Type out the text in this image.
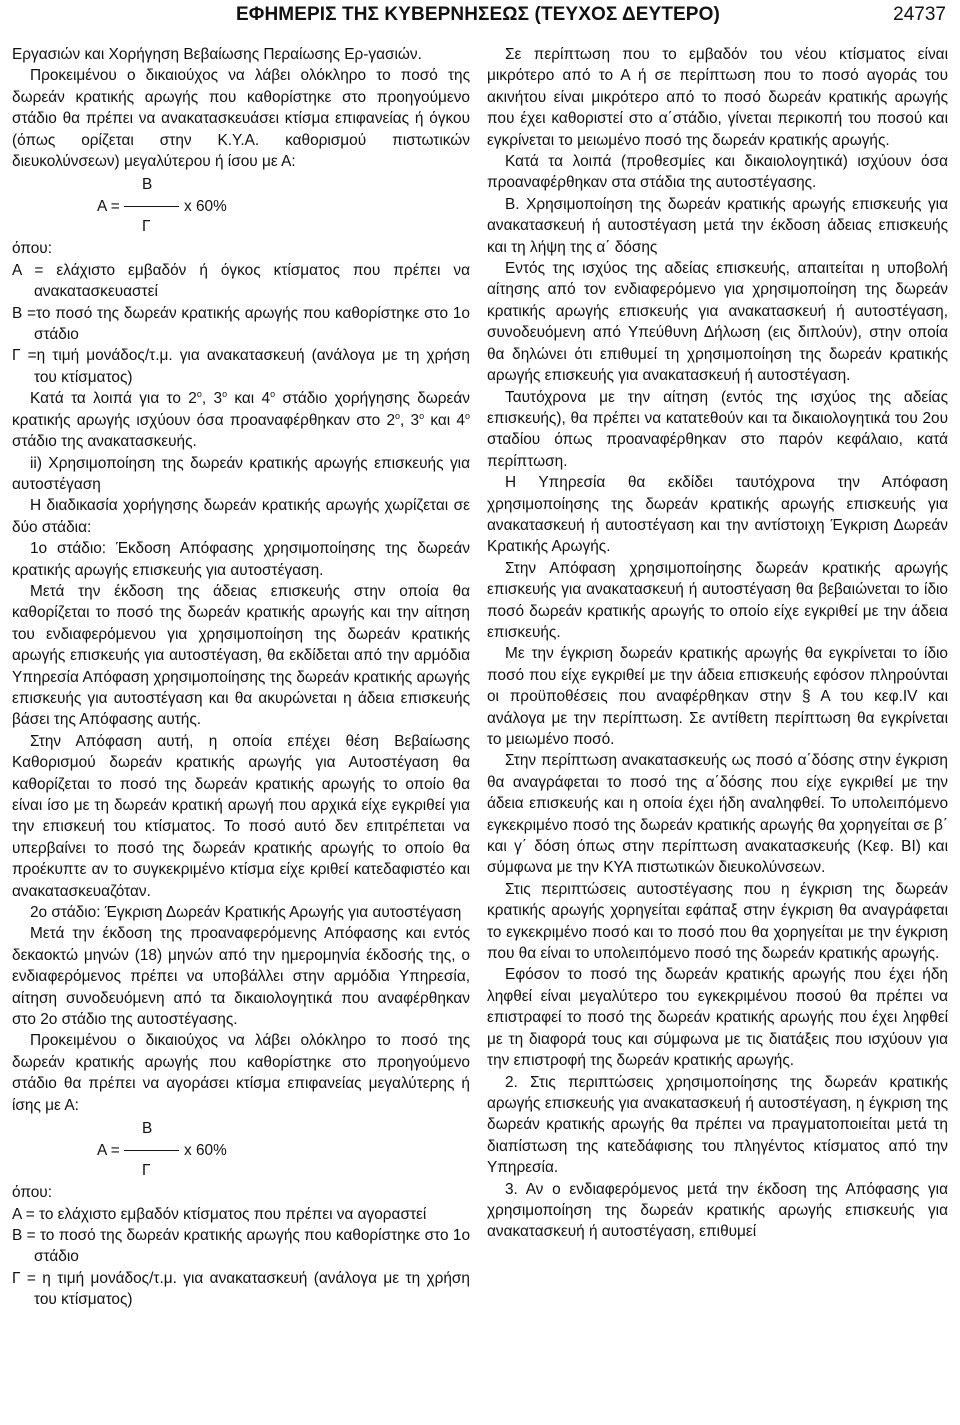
ΕΦΗΜΕΡΙΣ ΤΗΣ ΚΥΒΕΡΝΗΣΕΩΣ (ΤΕΥΧΟΣ ΔΕΥΤΕΡΟ)	24737

Εργασιών και Χορήγηση Βεβαίωσης Περαίωσης Ερ-γασιών.

Προκειμένου ο δικαιούχος να λάβει ολόκληρο το ποσό της δωρεάν κρατικής αρωγής που καθορίστηκε στο προηγούμενο στάδιο θα πρέπει να ανακατασκευάσει κτίσμα επιφανείας ή όγκου (όπως ορίζεται στην Κ.Υ.Α. καθορισμού πιστωτικών διευκολύνσεων) μεγαλύτερου ή ίσου με Α:

Β
Α =	x 60%
Γ

όπου:

Α = ελάχιστο εμβαδόν ή όγκος κτίσματος που πρέπει να ανακατασκευαστεί

Β =το ποσό της δωρεάν κρατικής αρωγής που καθορίστηκε στο 1ο στάδιο

Γ =η τιμή μονάδος/τ.μ. για ανακατασκευή (ανάλογα με τη χρήση του κτίσματος)

Κατά τα λοιπά για το $2^o$, $3^o$ και $4^o$ στάδιο χορήγησης δωρεάν κρατικής αρωγής ισχύουν όσα προαναφέρθηκαν στο $2^o$, $3^o$ και $4^o$ στάδιο της ανακατασκευής.

ii) Χρησιμοποίηση της δωρεάν κρατικής αρωγής επισκευής για αυτοστέγαση

Η διαδικασία χορήγησης δωρεάν κρατικής αρωγής χωρίζεται σε δύο στάδια:

1ο στάδιο: Έκδοση Απόφασης χρησιμοποίησης της δωρεάν κρατικής αρωγής επισκευής για αυτοστέγαση.

Μετά την έκδοση της άδειας επισκευής στην οποία θα καθορίζεται το ποσό της δωρεάν κρατικής αρωγής και την αίτηση του ενδιαφερόμενου για χρησιμοποίηση της δωρεάν κρατικής αρωγής επισκευής για αυτοστέγαση, θα εκδίδεται από την αρμόδια Υπηρεσία Απόφαση χρησιμοποίησης της δωρεάν κρατικής αρωγής επισκευής για αυτοστέγαση και θα ακυρώνεται η άδεια επισκευής βάσει της Απόφασης αυτής.

Στην Απόφαση αυτή, η οποία επέχει θέση Βεβαίωσης Καθορισμού δωρεάν κρατικής αρωγής για Αυτοστέγαση θα καθορίζεται το ποσό της δωρεάν κρατικής αρωγής το οποίο θα είναι ίσο με τη δωρεάν κρατική αρωγή που αρχικά είχε εγκριθεί για την επισκευή του κτίσματος. Το ποσό αυτό δεν επιτρέπεται να υπερβαίνει το ποσό της δωρεάν κρατικής αρωγής το οποίο θα προέκυπτε αν το συγκεκριμένο κτίσμα είχε κριθεί κατεδαφιστέο και ανακατασκευαζόταν.

2ο στάδιο: Έγκριση Δωρεάν Κρατικής Αρωγής για αυτοστέγαση

Μετά την έκδοση της προαναφερόμενης Απόφασης και εντός δεκαοκτώ μηνών (18) μηνών από την ημερομηνία έκδοσής της, ο ενδιαφερόμενος πρέπει να υποβάλλει στην αρμόδια Υπηρεσία, αίτηση συνοδευόμενη από τα δικαιολογητικά που αναφέρθηκαν στο 2ο στάδιο της αυτοστέγασης.

Προκειμένου ο δικαιούχος να λάβει ολόκληρο το ποσό της δωρεάν κρατικής αρωγής που καθορίστηκε στο προηγούμενο στάδιο θα πρέπει να αγοράσει κτίσμα επιφανείας μεγαλύτερης ή ίσης με Α:

Β
Α =	x 60%
Γ

όπου:

Α = το ελάχιστο εμβαδόν κτίσματος που πρέπει να αγοραστεί

Β = το ποσό της δωρεάν κρατικής αρωγής που καθορίστηκε στο 1ο στάδιο

Γ = η τιμή μονάδος/τ.μ. για ανακατασκευή (ανάλογα με τη χρήση του κτίσματος)

Σε περίπτωση που το εμβαδόν του νέου κτίσματος είναι μικρότερο από το Α ή σε περίπτωση που το ποσό αγοράς του ακινήτου είναι μικρότερο από το ποσό δωρεάν κρατικής αρωγής που έχει καθοριστεί στο α΄στάδιο, γίνεται περικοπή του ποσού και εγκρίνεται το μειωμένο ποσό της δωρεάν κρατικής αρωγής.

Κατά τα λοιπά (προθεσμίες και δικαιολογητικά) ισχύουν όσα προαναφέρθηκαν στα στάδια της αυτοστέγασης.

Β. Χρησιμοποίηση της δωρεάν κρατικής αρωγής επισκευής για ανακατασκευή ή αυτοστέγαση μετά την έκδοση άδειας επισκευής και τη λήψη της α΄ δόσης

Εντός της ισχύος της αδείας επισκευής, απαιτείται η υποβολή αίτησης από τον ενδιαφερόμενο για χρησιμοποίηση της δωρεάν κρατικής αρωγής επισκευής για ανακατασκευή ή αυτοστέγαση, συνοδευόμενη από Υπεύθυνη Δήλωση (εις διπλούν), στην οποία θα δηλώνει ότι επιθυμεί τη χρησιμοποίηση της δωρεάν κρατικής αρωγής επισκευής για ανακατασκευή ή αυτοστέγαση.

Ταυτόχρονα με την αίτηση (εντός της ισχύος της αδείας επισκευής), θα πρέπει να κατατεθούν και τα δικαιολογητικά του 2ου σταδίου όπως προαναφέρθηκαν στο παρόν κεφάλαιο, κατά περίπτωση.

Η Υπηρεσία θα εκδίδει ταυτόχρονα την Απόφαση χρησιμοποίησης της δωρεάν κρατικής αρωγής επισκευής για ανακατασκευή ή αυτοστέγαση και την αντίστοιχη Έγκριση Δωρεάν Κρατικής Αρωγής.

Στην Απόφαση χρησιμοποίησης δωρεάν κρατικής αρωγής επισκευής για ανακατασκευή ή αυτοστέγαση θα βεβαιώνεται το ίδιο ποσό δωρεάν κρατικής αρωγής το οποίο είχε εγκριθεί με την άδεια επισκευής.

Με την έγκριση δωρεάν κρατικής αρωγής θα εγκρίνεται το ίδιο ποσό που είχε εγκριθεί με την άδεια επισκευής εφόσον πληρούνται οι προϋποθέσεις που αναφέρθηκαν στην § Α του κεφ.IV και ανάλογα με την περίπτωση. Σε αντίθετη περίπτωση θα εγκρίνεται το μειωμένο ποσό.

Στην περίπτωση ανακατασκευής ως ποσό α΄δόσης στην έγκριση θα αναγράφεται το ποσό της α΄δόσης που είχε εγκριθεί με την άδεια επισκευής και η οποία έχει ήδη αναληφθεί. Το υπολειπόμενο εγκεκριμένο ποσό της δωρεάν κρατικής αρωγής θα χορηγείται σε β΄ και γ΄ δόση όπως στην περίπτωση ανακατασκευής (Κεφ. ΒΙ) και σύμφωνα με την ΚΥΑ πιστωτικών διευκολύνσεων.

Στις περιπτώσεις αυτοστέγασης που η έγκριση της δωρεάν κρατικής αρωγής χορηγείται εφάπαξ στην έγκριση θα αναγράφεται το εγκεκριμένο ποσό και το ποσό που θα χορηγείται με την έγκριση που θα είναι το υπολειπόμενο ποσό της δωρεάν κρατικής αρωγής.

Εφόσον το ποσό της δωρεάν κρατικής αρωγής που έχει ήδη ληφθεί είναι μεγαλύτερο του εγκεκριμένου ποσού θα πρέπει να επιστραφεί το ποσό της δωρεάν κρατικής αρωγής που έχει ληφθεί με τη διαφορά τους και σύμφωνα με τις διατάξεις που ισχύουν για την επιστροφή της δωρεάν κρατικής αρωγής.

2. Στις περιπτώσεις χρησιμοποίησης της δωρεάν κρατικής αρωγής επισκευής για ανακατασκευή ή αυτοστέγαση, η έγκριση της δωρεάν κρατικής αρωγής θα πρέπει να πραγματοποιείται μετά τη διαπίστωση της κατεδάφισης του πληγέντος κτίσματος από την Υπηρεσία.

3. Αν ο ενδιαφερόμενος μετά την έκδοση της Απόφασης για χρησιμοποίηση της δωρεάν κρατικής αρωγής επισκευής για ανακατασκευή ή αυτοστέγαση, επιθυμεί
